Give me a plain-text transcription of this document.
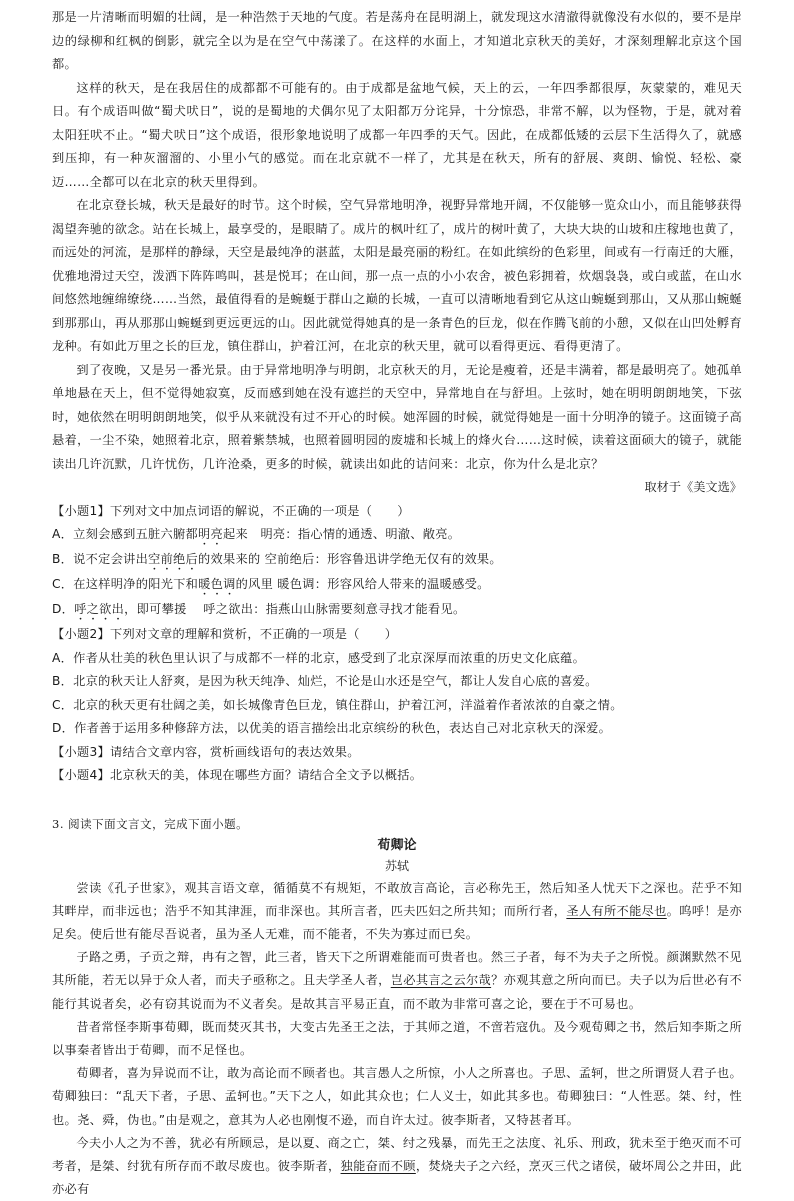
那是一片清晰而明媚的壮阔，是一种浩然于天地的气度。若是荡舟在昆明湖上，就发现这水清澈得就像没有水似的，要不是岸边的绿柳和红枫的倒影，就完全以为是在空气中荡漾了。在这样的水面上，才知道北京秋天的美好，才深刻理解北京这个国都。

这样的秋天，是在我居住的成都都不可能有的。由于成都是盆地气候，天上的云，一年四季都很厚，灰蒙蒙的，难见天日。有个成语叫做“蜀犬吠日”，说的是蜀地的犬偶尔见了太阳都万分诧异，十分惊恐，非常不解，以为怪物，于是，就对着太阳狂吠不止。“蜀犬吠日”这个成语，很形象地说明了成都一年四季的天气。因此，在成都低矮的云层下生活得久了，就感到压抑，有一种灰溜溜的、小里小气的感觉。而在北京就不一样了，尤其是在秋天，所有的舒展、爽朗、愉悦、轻松、豪迈……全都可以在北京的秋天里得到。

在北京登长城，秋天是最好的时节。这个时候，空气异常地明净，视野异常地开阔，不仅能够一览众山小，而且能够获得渴望奔驰的欲念。站在长城上，最享受的，是眼睛了。成片的枫叶红了，成片的树叶黄了，大块大块的山坡和庄稼地也黄了，而远处的河流，是那样的静绿，天空是最纯净的湛蓝，太阳是最亮丽的粉红。在如此缤纷的色彩里，间或有一行南迁的大雁，优雅地滑过天空，泼洒下阵阵鸣叫，甚是悦耳；在山间，那一点一点的小小农舍，被色彩拥着，炊烟袅袅，或白或蓝，在山水间悠然地缠绵缭绕……当然，最值得看的是蜿蜒于群山之巅的长城，一直可以清晰地看到它从这山蜿蜒到那山，又从那山蜿蜒到那那山，再从那那山蜿蜒到更远更远的山。因此就觉得她真的是一条青色的巨龙，似在作腾飞前的小憩，又似在山凹处孵育龙种。有如此万里之长的巨龙，镇住群山，护着江河，在北京的秋天里，就可以看得更远、看得更清了。

到了夜晚，又是另一番光景。由于异常地明净与明朗，北京秋天的月，无论是瘦着，还是丰满着，都是最明亮了。她孤单单地悬在天上，但不觉得她寂寞，反而感到她在没有遮拦的天空中，异常地自在与舒坦。上弦时，她在明明朗朗地笑，下弦时，她依然在明明朗朗地笑，似乎从来就没有过不开心的时候。她浑圆的时候，就觉得她是一面十分明净的镜子。这面镜子高悬着，一尘不染，她照着北京，照着紫禁城，也照着圆明园的废墟和长城上的烽火台……这时候，读着这面硕大的镜子，就能读出几许沉默，几许忧伤，几许沧桑，更多的时候，就读出如此的诘问来：北京，你为什么是北京？

取材于《美文选》

【小题1】下列对文中加点词语的解说，不正确的一项是（　　）

A．立刻会感到五脏六腑都明亮起来　明亮：指心情的通透、明澈、敞亮。

B．说不定会讲出空前绝后的效果来的 空前绝后：形容鲁迅讲学绝无仅有的效果。

C．在这样明净的阳光下和暖色调的风里 暖色调：形容风给人带来的温暖感受。

D．呼之欲出，即可攀援　 呼之欲出：指燕山山脉需要刻意寻找才能看见。

【小题2】下列对文章的理解和赏析，不正确的一项是（　　）

A．作者从壮美的秋色里认识了与成都不一样的北京，感受到了北京深厚而浓重的历史文化底蕴。

B．北京的秋天让人舒爽，是因为秋天纯净、灿烂，不论是山水还是空气，都让人发自心底的喜爱。

C．北京的秋天更有壮阔之美，如长城像青色巨龙，镇住群山，护着江河，洋溢着作者浓浓的自豪之情。

D．作者善于运用多种修辞方法，以优美的语言描绘出北京缤纷的秋色，表达自己对北京秋天的深爱。

【小题3】请结合文章内容，赏析画线语句的表达效果。

【小题4】北京秋天的美，体现在哪些方面？请结合全文予以概括。

3. 阅读下面文言文，完成下面小题。

荀卿论

苏轼

尝读《孔子世家》，观其言语文章，循循莫不有规矩，不敢放言高论，言必称先王，然后知圣人忧天下之深也。茫乎不知其畔岸，而非远也；浩乎不知其津涯，而非深也。其所言者，匹夫匹妇之所共知；而所行者，圣人有所不能尽也。呜呼！是亦足矣。使后世有能尽吾说者，虽为圣人无难，而不能者，不失为寡过而已矣。

子路之勇，子贡之辩，冉有之智，此三者，皆天下之所谓难能而可贵者也。然三子者，每不为夫子之所悦。颜渊默然不见其所能，若无以异于众人者，而夫子亟称之。且夫学圣人者，岂必其言之云尔哉？亦观其意之所向而已。夫子以为后世必有不能行其说者矣，必有窃其说而为不义者矣。是故其言平易正直，而不敢为非常可喜之论，要在于不可易也。

昔者常怪李斯事荀卿，既而焚灭其书，大变古先圣王之法，于其师之道，不啻若寇仇。及今观荀卿之书，然后知李斯之所以事秦者皆出于荀卿，而不足怪也。

荀卿者，喜为异说而不让，敢为高论而不顾者也。其言愚人之所惊，小人之所喜也。子思、孟轲，世之所谓贤人君子也。荀卿独曰：“乱天下者，子思、孟轲也。”天下之人，如此其众也；仁人义士，如此其多也。荀卿独曰：“人性恶。桀、纣，性也。尧、舜，伪也。”由是观之，意其为人必也刚愎不逊，而自许太过。彼李斯者，又特甚者耳。

今夫小人之为不善，犹必有所顾忌，是以夏、商之亡，桀、纣之残暴，而先王之法度、礼乐、刑政，犹未至于绝灭而不可考者，是桀、纣犹有所存而不敢尽废也。彼李斯者，独能奋而不顾，焚烧夫子之六经，烹灭三代之诸侯，破坏周公之井田，此亦必有
